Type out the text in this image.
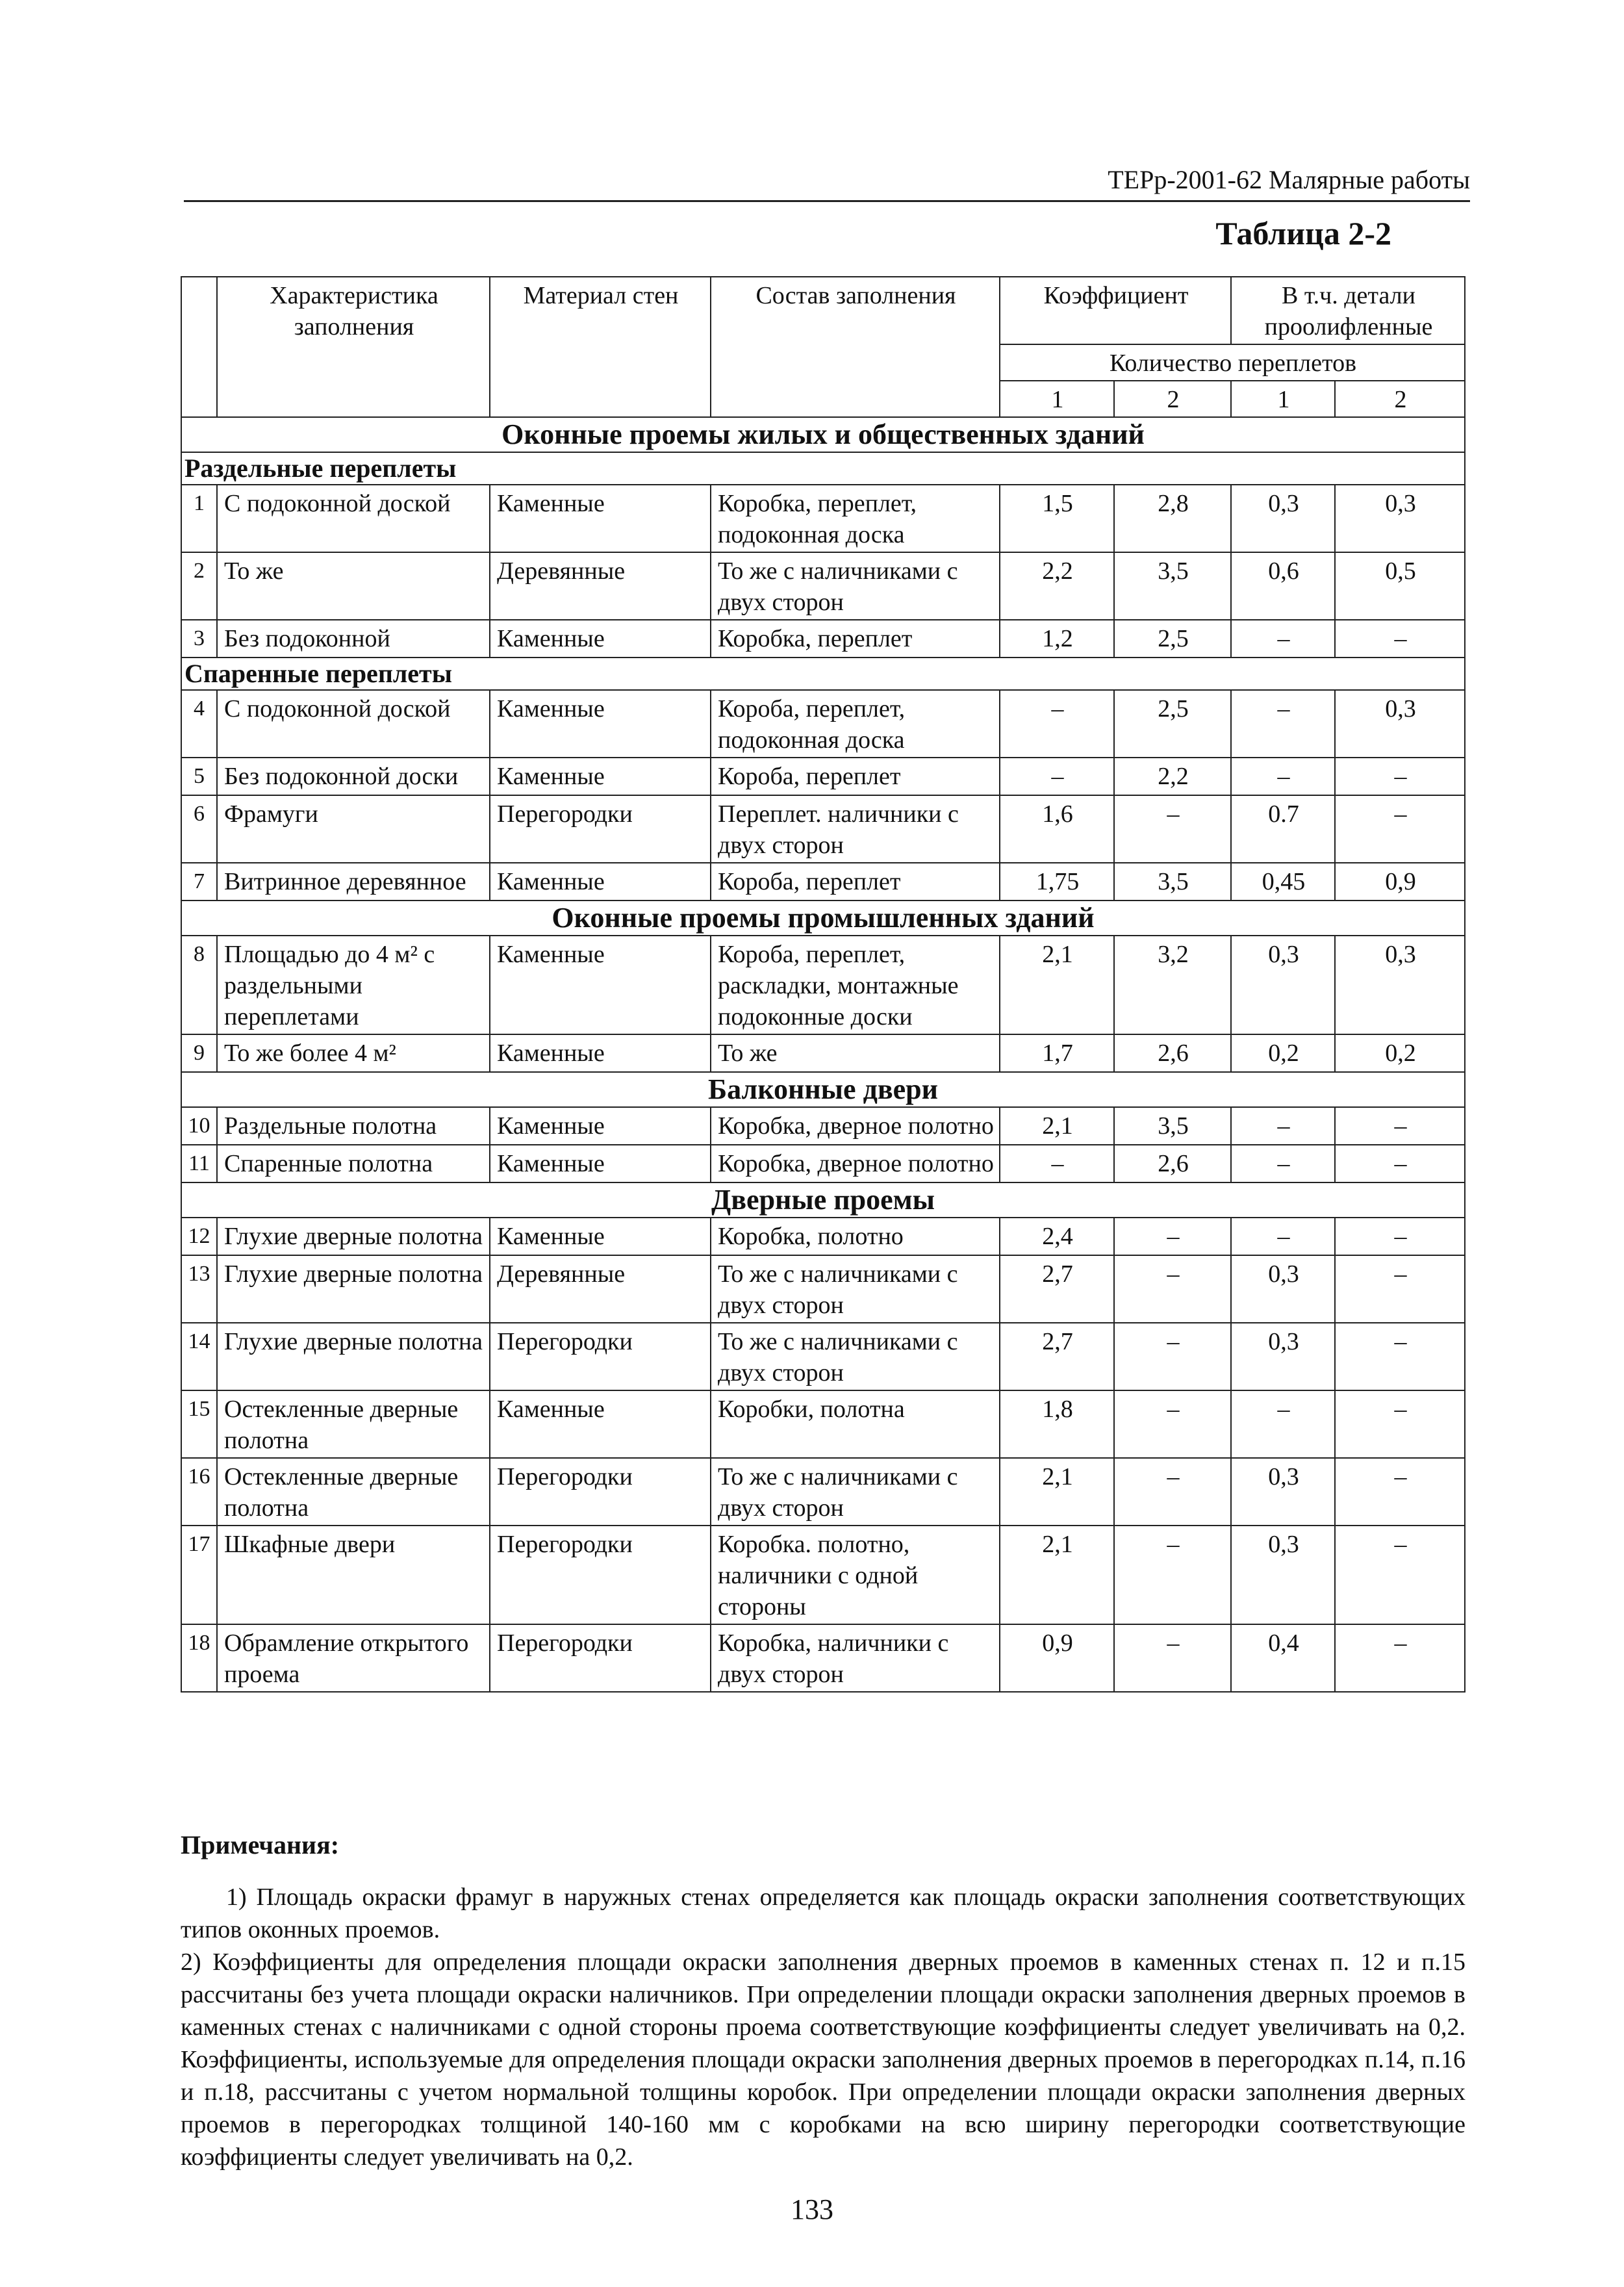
ТЕРр-2001-62 Малярные работы
Таблица 2-2
	Характеристика заполнения	Материал стен	Состав заполнения	Коэффициент		В т.ч. детали проолифленные	
				Количество переплетов			
				1	2	1	2
Оконные проемы жилых и общественных зданий							
Раздельные переплеты							
1	С подоконной доской	Каменные	Коробка, переплет, подоконная доска	1,5	2,8	0,3	0,3
2	То же	Деревянные	То же с наличниками с двух сторон	2,2	3,5	0,6	0,5
3	Без подоконной	Каменные	Коробка, переплет	1,2	2,5	–	–
Спаренные переплеты							
4	С подоконной доской	Каменные	Короба, переплет, подоконная доска	–	2,5	–	0,3
5	Без подоконной доски	Каменные	Короба, переплет	–	2,2	–	–
6	Фрамуги	Перегородки	Переплет. наличники с двух сторон	1,6	–	0.7	–
7	Витринное деревянное	Каменные	Короба, переплет	1,75	3,5	0,45	0,9
Оконные проемы промышленных зданий							
8	Площадью до 4 м² с раздельными переплетами	Каменные	Короба, переплет, раскладки, монтажные подоконные доски	2,1	3,2	0,3	0,3
9	То же более 4 м²	Каменные	То же	1,7	2,6	0,2	0,2
Балконные двери							
10	Раздельные полотна	Каменные	Коробка, дверное полотно	2,1	3,5	–	–
11	Спаренные полотна	Каменные	Коробка, дверное полотно	–	2,6	–	–
Дверные проемы							
12	Глухие дверные полотна	Каменные	Коробка, полотно	2,4	–	–	–
13	Глухие дверные полотна	Деревянные	То же с наличниками с двух сторон	2,7	–	0,3	–
14	Глухие дверные полотна	Перегородки	То же с наличниками с двух сторон	2,7	–	0,3	–
15	Остекленные дверные полотна	Каменные	Коробки, полотна	1,8	–	–	–
16	Остекленные дверные полотна	Перегородки	То же с наличниками с двух сторон	2,1	–	0,3	–
17	Шкафные двери	Перегородки	Коробка. полотно, наличники с одной стороны	2,1	–	0,3	–
18	Обрамление открытого проема	Перегородки	Коробка, наличники с двух сторон	0,9	–	0,4	–
Примечания:

1) Площадь окраски фрамуг в наружных стенах определяется как площадь окраски заполнения соответствующих типов оконных проемов.

2) Коэффициенты для определения площади окраски заполнения дверных проемов в каменных стенах п. 12 и п.15 рассчитаны без учета площади окраски наличников. При определении площади окраски заполнения дверных проемов в каменных стенах с наличниками с одной стороны проема соответствующие коэффициенты следует увеличивать на 0,2. Коэффициенты, используемые для определения площади окраски заполнения дверных проемов в перегородках п.14, п.16 и п.18, рассчитаны с учетом нормальной толщины коробок. При определении площади окраски заполнения дверных проемов в перегородках толщиной 140-160 мм с коробками на всю ширину перегородки соответствующие коэффициенты следует увеличивать на 0,2.

133
